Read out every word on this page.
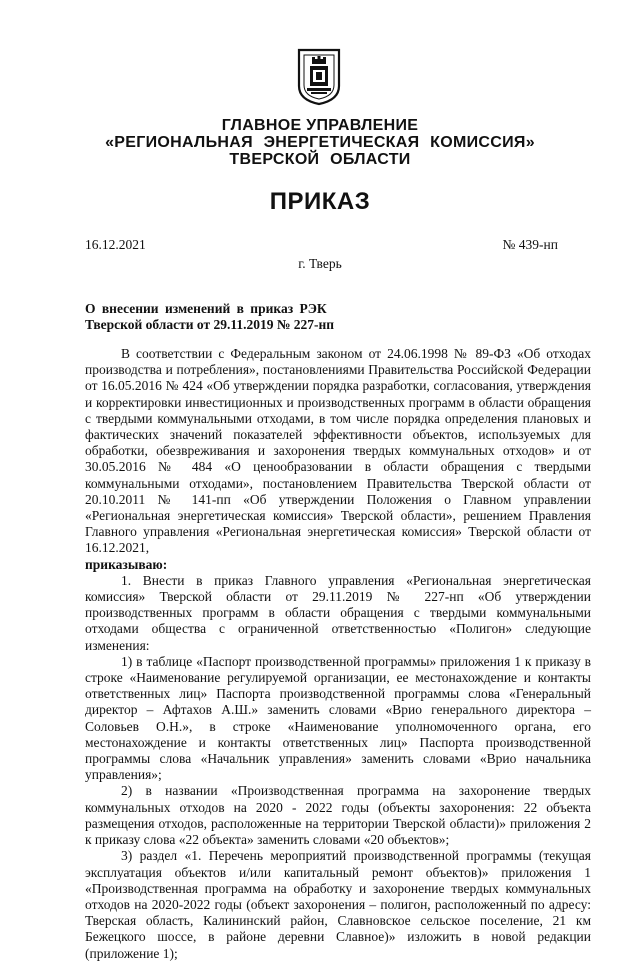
ГЛАВНОЕ УПРАВЛЕНИЕ
«РЕГИОНАЛЬНАЯ ЭНЕРГЕТИЧЕСКАЯ КОМИССИЯ»
ТВЕРСКОЙ ОБЛАСТИ
ПРИКАЗ
16.12.2021	№ 439-нп
г. Тверь

О внесении изменений в приказ РЭК

Тверской области от 29.11.2019 № 227-нп

В соответствии с Федеральным законом от 24.06.1998 № 89-ФЗ «Об отходах производства и потребления», постановлениями Правительства Российской Федерации от 16.05.2016 № 424 «Об утверждении порядка разработки, согласования, утверждения и корректировки инвестиционных и производственных программ в области обращения с твердыми коммунальными отходами, в том числе порядка определения плановых и фактических значений показателей эффективности объектов, используемых для обработки, обезвреживания и захоронения твердых коммунальных отходов» и от 30.05.2016 № 484 «О ценообразовании в области обращения с твердыми коммунальными отходами», постановлением Правительства Тверской области от 20.10.2011 № 141-пп «Об утверждении Положения о Главном управлении «Региональная энергетическая комиссия» Тверской области», решением Правления Главного управления «Региональная энергетическая комиссия» Тверской области от 16.12.2021,

приказываю:

1. Внести в приказ Главного управления «Региональная энергетическая комиссия» Тверской области от 29.11.2019 № 227-нп «Об утверждении производственных программ в области обращения с твердыми коммунальными отходами общества с ограниченной ответственностью «Полигон» следующие изменения:

1) в таблице «Паспорт производственной программы» приложения 1 к приказу в строке «Наименование регулируемой организации, ее местонахождение и контакты ответственных лиц» Паспорта производственной программы слова «Генеральный директор – Афтахов А.Ш.» заменить словами «Врио генерального директора – Соловьев О.Н.», в строке «Наименование уполномоченного органа, его местонахождение и контакты ответственных лиц» Паспорта производственной программы слова «Начальник управления» заменить словами «Врио начальника управления»;

2) в названии «Производственная программа на захоронение твердых коммунальных отходов на 2020 - 2022 годы (объекты захоронения: 22 объекта размещения отходов, расположенные на территории Тверской области)» приложения 2 к приказу слова «22 объекта» заменить словами «20 объектов»;

3) раздел «1. Перечень мероприятий производственной программы (текущая эксплуатация объектов и/или капитальный ремонт объектов)» приложения 1 «Производственная программа на обработку и захоронение твердых коммунальных отходов на 2020-2022 годы (объект захоронения – полигон, расположенный по адресу: Тверская область, Калининский район, Славновское сельское поселение, 21 км Бежецкого шоссе, в районе деревни Славное)» изложить в новой редакции (приложение 1);
